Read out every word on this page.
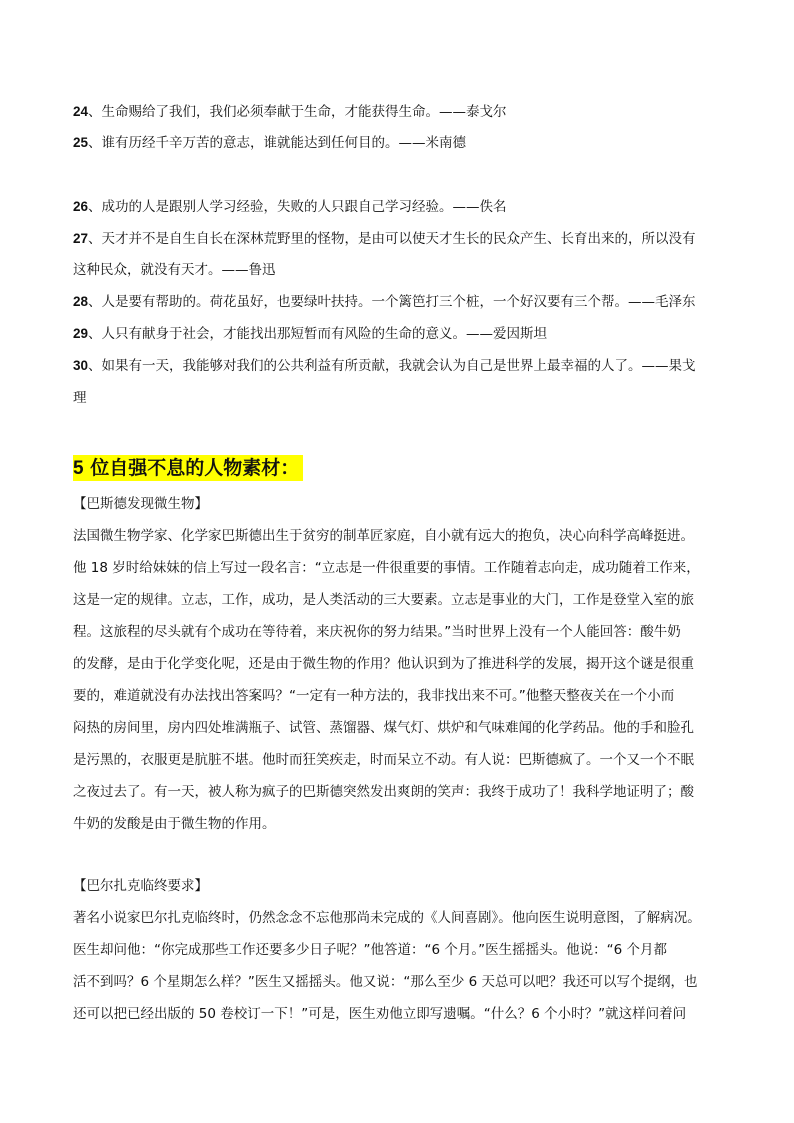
24、生命赐给了我们，我们必须奉献于生命，才能获得生命。——泰戈尔
25、谁有历经千辛万苦的意志，谁就能达到任何目的。——米南德
26、成功的人是跟别人学习经验，失败的人只跟自己学习经验。——佚名
27、天才并不是自生自长在深林荒野里的怪物，是由可以使天才生长的民众产生、长育出来的，所以没有
这种民众，就没有天才。——鲁迅
28、人是要有帮助的。荷花虽好，也要绿叶扶持。一个篱笆打三个桩，一个好汉要有三个帮。——毛泽东
29、人只有献身于社会，才能找出那短暂而有风险的生命的意义。——爱因斯坦
30、如果有一天，我能够对我们的公共利益有所贡献，我就会认为自己是世界上最幸福的人了。——果戈
理
5 位自强不息的人物素材：
【巴斯德发现微生物】
法国微生物学家、化学家巴斯德出生于贫穷的制革匠家庭，自小就有远大的抱负，决心向科学高峰挺进。
他 18 岁时给妹妹的信上写过一段名言：“立志是一件很重要的事情。工作随着志向走，成功随着工作来，
这是一定的规律。立志，工作，成功，是人类活动的三大要素。立志是事业的大门，工作是登堂入室的旅
程。这旅程的尽头就有个成功在等待着，来庆祝你的努力结果。”当时世界上没有一个人能回答：酸牛奶
的发酵，是由于化学变化呢，还是由于微生物的作用？他认识到为了推进科学的发展，揭开这个谜是很重
要的，难道就没有办法找出答案吗？“一定有一种方法的，我非找出来不可。”他整天整夜关在一个小而
闷热的房间里，房内四处堆满瓶子、试管、蒸馏器、煤气灯、烘炉和气味难闻的化学药品。他的手和脸孔
是污黑的，衣服更是肮脏不堪。他时而狂笑疾走，时而呆立不动。有人说：巴斯德疯了。一个又一个不眠
之夜过去了。有一天，被人称为疯子的巴斯德突然发出爽朗的笑声：我终于成功了！我科学地证明了；酸
牛奶的发酸是由于微生物的作用。
【巴尔扎克临终要求】
著名小说家巴尔扎克临终时，仍然念念不忘他那尚未完成的《人间喜剧》。他向医生说明意图，了解病况。
医生却问他：“你完成那些工作还要多少日子呢？”他答道：“6 个月。”医生摇摇头。他说：“6 个月都
活不到吗？6 个星期怎么样？”医生又摇摇头。他又说：“那么至少 6 天总可以吧？我还可以写个提纲，也
还可以把已经出版的 50 卷校订一下！”可是，医生劝他立即写遗嘱。“什么？6 个小时？”就这样问着问
